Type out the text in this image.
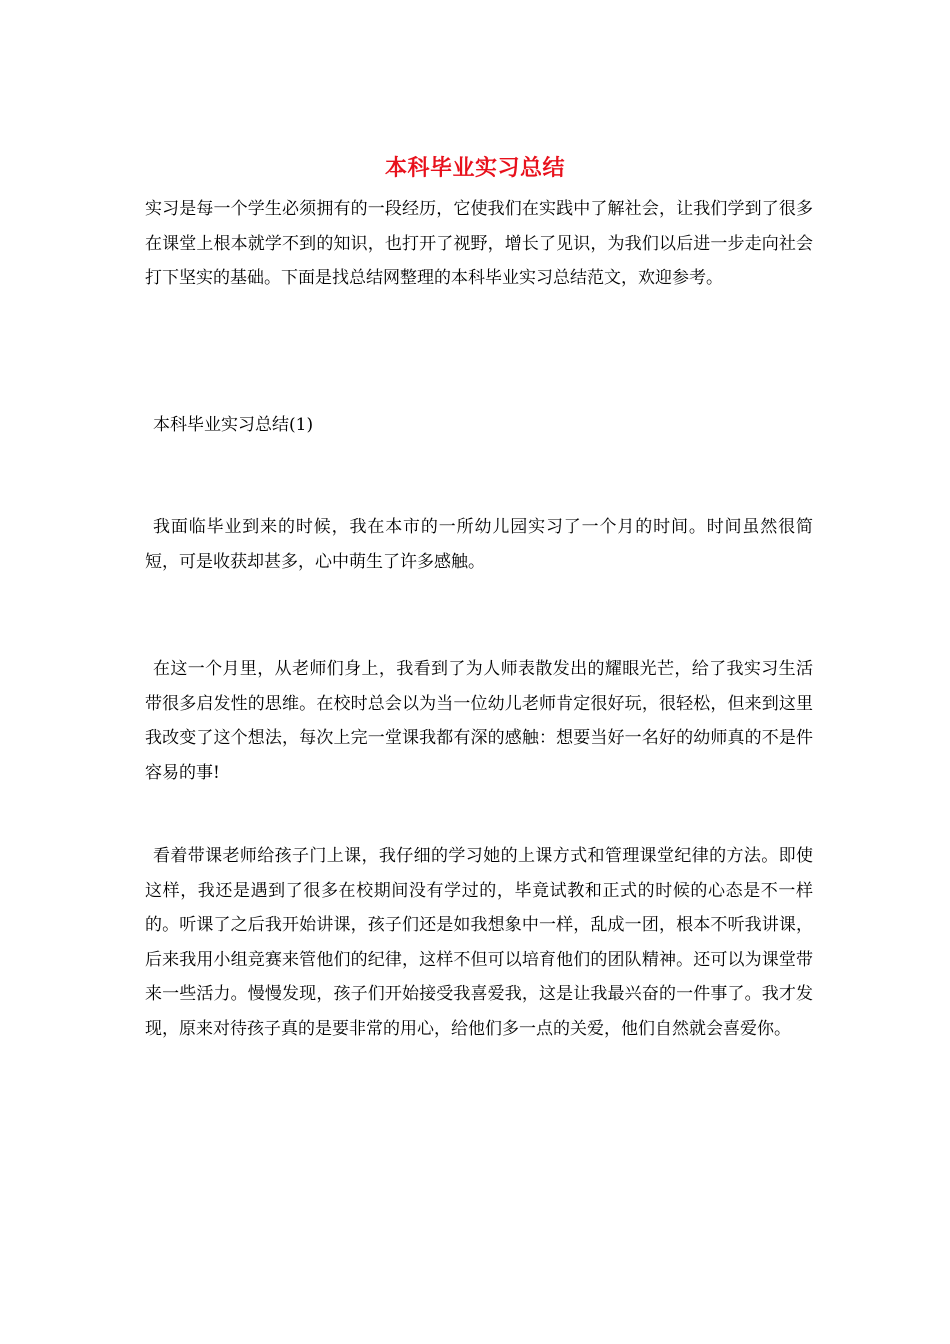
本科毕业实习总结

实习是每一个学生必须拥有的一段经历，它使我们在实践中了解社会，让我们学到了很多在课堂上根本就学不到的知识，也打开了视野，增长了见识，为我们以后进一步走向社会打下坚实的基础。下面是找总结网整理的本科毕业实习总结范文，欢迎参考。

本科毕业实习总结(1)

我面临毕业到来的时候，我在本市的一所幼儿园实习了一个月的时间。时间虽然很简短，可是收获却甚多，心中萌生了许多感触。

在这一个月里，从老师们身上，我看到了为人师表散发出的耀眼光芒，给了我实习生活带很多启发性的思维。在校时总会以为当一位幼儿老师肯定很好玩，很轻松，但来到这里我改变了这个想法，每次上完一堂课我都有深的感触：想要当好一名好的幼师真的不是件容易的事!

看着带课老师给孩子门上课，我仔细的学习她的上课方式和管理课堂纪律的方法。即使这样，我还是遇到了很多在校期间没有学过的，毕竟试教和正式的时候的心态是不一样的。听课了之后我开始讲课，孩子们还是如我想象中一样，乱成一团，根本不听我讲课，后来我用小组竞赛来管他们的纪律，这样不但可以培育他们的团队精神。还可以为课堂带来一些活力。慢慢发现，孩子们开始接受我喜爱我，这是让我最兴奋的一件事了。我才发现，原来对待孩子真的是要非常的用心，给他们多一点的关爱，他们自然就会喜爱你。
